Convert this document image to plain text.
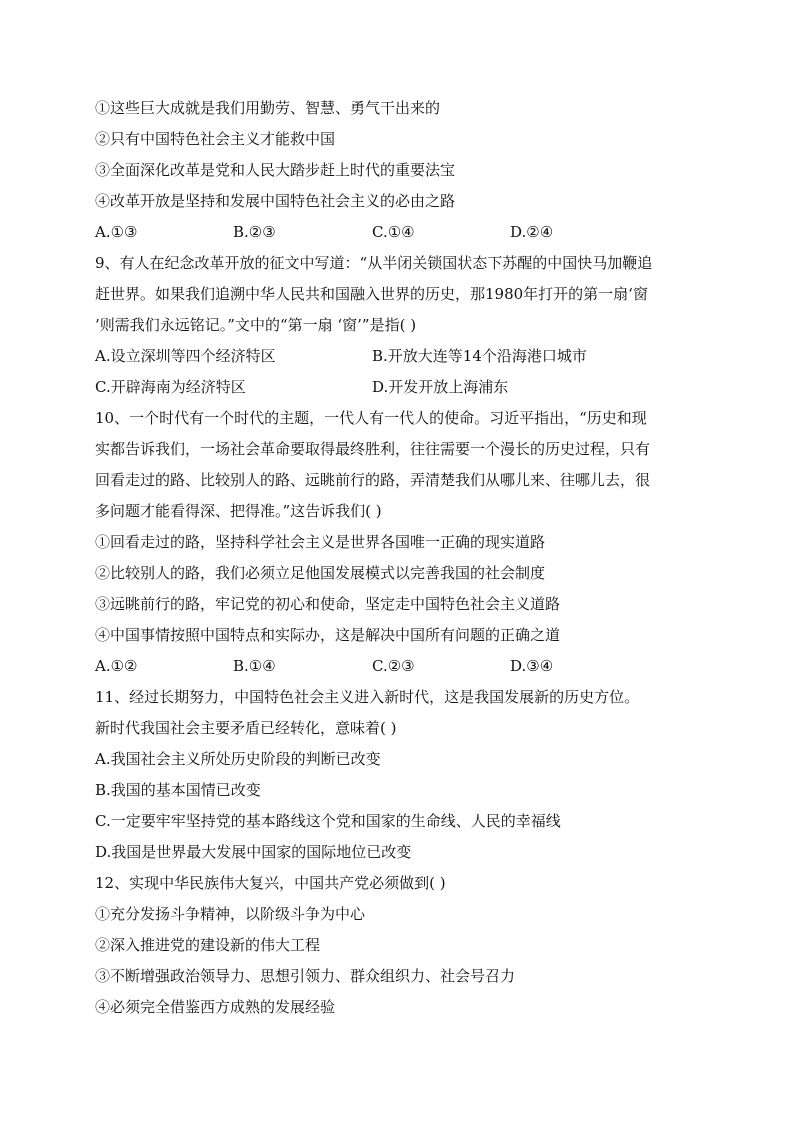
①这些巨大成就是我们用勤劳、智慧、勇气干出来的
②只有中国特色社会主义才能救中国
③全面深化改革是党和人民大踏步赶上时代的重要法宝
④改革开放是坚持和发展中国特色社会主义的必由之路
A.①③	B.②③	C.①④	D.②④
9、有人在纪念改革开放的征文中写道：“从半闭关锁国状态下苏醒的中国快马加鞭追
赶世界。如果我们追溯中华人民共和国融入世界的历史，那1980年打开的第一扇‘窗
’则需我们永远铭记。”文中的“第一扇 ‘窗’”是指( )
A.设立深圳等四个经济特区	B.开放大连等14个沿海港口城市
C.开辟海南为经济特区	D.开发开放上海浦东
10、一个时代有一个时代的主题，一代人有一代人的使命。习近平指出，“历史和现
实都告诉我们，一场社会革命要取得最终胜利，往往需要一个漫长的历史过程，只有
回看走过的路、比较别人的路、远眺前行的路，弄清楚我们从哪儿来、往哪儿去，很
多问题才能看得深、把得准。”这告诉我们( )
①回看走过的路，坚持科学社会主义是世界各国唯一正确的现实道路
②比较别人的路，我们必须立足他国发展模式以完善我国的社会制度
③远眺前行的路，牢记党的初心和使命，坚定走中国特色社会主义道路
④中国事情按照中国特点和实际办，这是解决中国所有问题的正确之道
A.①②	B.①④	C.②③	D.③④
11、经过长期努力，中国特色社会主义进入新时代，这是我国发展新的历史方位。
新时代我国社会主要矛盾已经转化，意味着( )
A.我国社会主义所处历史阶段的判断已改变
B.我国的基本国情已改变
C.一定要牢牢坚持党的基本路线这个党和国家的生命线、人民的幸福线
D.我国是世界最大发展中国家的国际地位已改变
12、实现中华民族伟大复兴，中国共产党必须做到( )
①充分发扬斗争精神，以阶级斗争为中心
②深入推进党的建设新的伟大工程
③不断增强政治领导力、思想引领力、群众组织力、社会号召力
④必须完全借鉴西方成熟的发展经验
